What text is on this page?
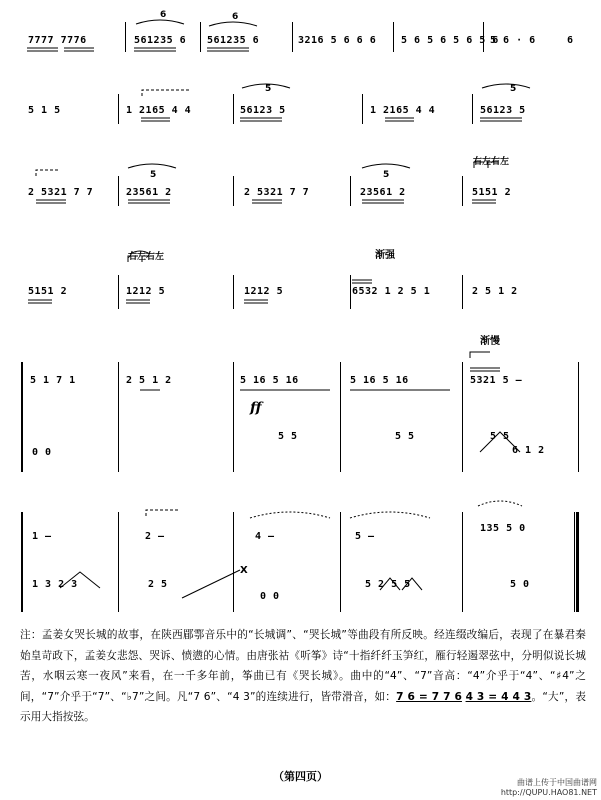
6	6
7777 7776	561235 6 561235 6	3216 5 6 6 6 5 6 5 6 5 6 5 6
5 6 · 6	6
5	5
5 1 5	1 2165 4 4	56123 5	1 2165 4 4	56123 5
右左右左
5	5
2 5321 7 7	23561 2	2 5321 7 7	23561 2	5151 2
右左右左	渐强
5151 2	1212 5	1212 5	6532 1 2 5 1	2 5 1 2
渐慢
ff
5 1 7 1	2 5 1 2	5 16 5 16	5 16 5 16	5321 5 –
0 0
5 5	5 5	5 5
6 1 2
X
1 –	2 –	4 –	5 –
135 5 0
1 3 2 3	2 5
0 0
5 2 5 5	5 0

注：孟姜女哭长城的故事，在陕西郿鄠音乐中的“长城调”、“哭长城”等曲段有所反映。经连缀改编后，表现了在暴君秦始皇苛政下，孟姜女悲怨、哭诉、愤懑的心情。由唐张祜《听筝》诗“十指纤纤玉笋红，雁行轻遏翠弦中，分明似说长城苦，水咽云寒一夜风”来看，在一千多年前，筝曲已有《哭长城》。曲中的“4”、“7”音高：“4”介乎于“4”、“♯4”之间，“7”介乎于“7”、“♭7”之间。凡“7 6”、“4 3”的连续进行，皆带滑音，如：7 6 = 7 7 6 4 3 = 4 4 3。“大”，表示用大指按弦。

（第四页）	曲谱上传于中国曲谱网
http://QUPU.HAO81.NET
